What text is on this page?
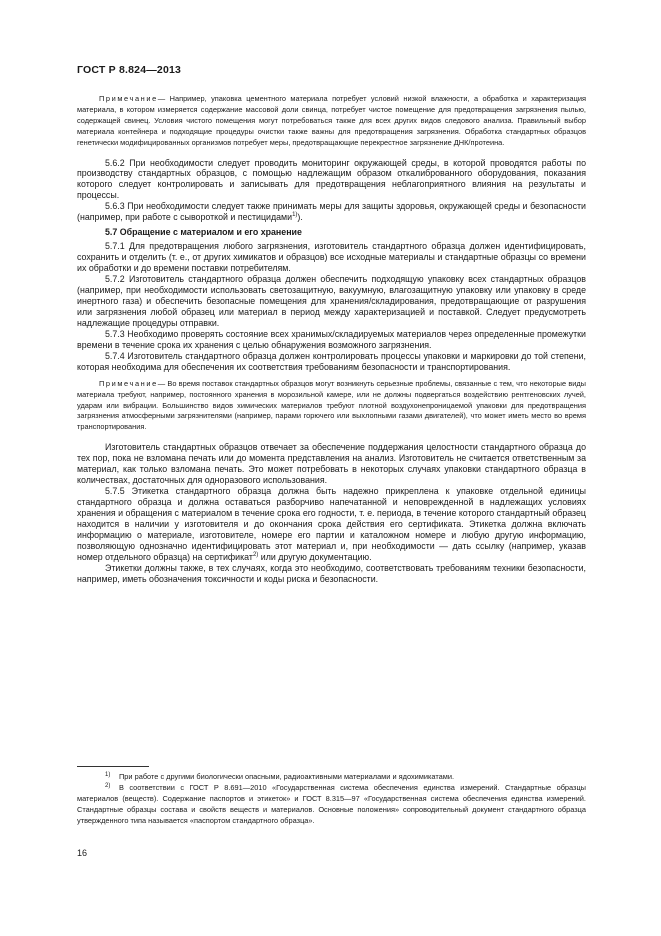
ГОСТ Р 8.824—2013

Примечание— Например, упаковка цементного материала потребует условий низкой влажности, а обработка и характеризация материала, в котором измеряется содержание массовой доли свинца, потребует чистое помещение для предотвращения загрязнения пылью, содержащей свинец. Условия чистого помещения могут потребоваться также для всех других видов следового анализа. Правильный выбор материала контейнера и подходящие процедуры очистки также важны для предотвращения загрязнения. Обработка стандартных образцов генетически модифицированных организмов потребует меры, предотвращающие перекрестное загрязнение ДНК/протеина.

5.6.2 При необходимости следует проводить мониторинг окружающей среды, в которой проводятся работы по производству стандартных образцов, с помощью надлежащим образом откалиброванного оборудования, показания которого следует контролировать и записывать для предотвращения неблагоприятного влияния на результаты и процессы.

5.6.3 При необходимости следует также принимать меры для защиты здоровья, окружающей среды и безопасности (например, при работе с сывороткой и пестицидами$^{1)}$).

5.7 Обращение с материалом и его хранение

5.7.1 Для предотвращения любого загрязнения, изготовитель стандартного образца должен идентифицировать, сохранить и отделить (т. е., от других химикатов и образцов) все исходные материалы и стандартные образцы со времени их обработки и до времени поставки потребителям.

5.7.2 Изготовитель стандартного образца должен обеспечить подходящую упаковку всех стандартных образцов (например, при необходимости использовать светозащитную, вакуумную, влагозащитную упаковку или упаковку в среде инертного газа) и обеспечить безопасные помещения для хранения/складирования, предотвращающие от разрушения или загрязнения любой образец или материал в период между характеризацией и поставкой. Следует предусмотреть надлежащие процедуры отправки.

5.7.3 Необходимо проверять состояние всех хранимых/складируемых материалов через определенные промежутки времени в течение срока их хранения с целью обнаружения возможного загрязнения.

5.7.4 Изготовитель стандартного образца должен контролировать процессы упаковки и маркировки до той степени, которая необходима для обеспечения их соответствия требованиям безопасности и транспортирования.

Примечание— Во время поставок стандартных образцов могут возникнуть серьезные проблемы, связанные с тем, что некоторые виды материала требуют, например, постоянного хранения в морозильной камере, или не должны подвергаться воздействию рентгеновских лучей, ударам или вибрации. Большинство видов химических материалов требуют плотной воздухонепроницаемой упаковки для предотвращения загрязнения атмосферными загрязнителями (например, парами горючего или выхлопными газами двигателей), что может иметь место во время транспортирования.

Изготовитель стандартных образцов отвечает за обеспечение поддержания целостности стандартного образца до тех пор, пока не взломана печать или до момента представления на анализ. Изготовитель не считается ответственным за материал, как только взломана печать. Это может потребовать в некоторых случаях упаковки стандартного образца в количествах, достаточных для одноразового использования.

5.7.5 Этикетка стандартного образца должна быть надежно прикреплена к упаковке отдельной единицы стандартного образца и должна оставаться разборчиво напечатанной и неповрежденной в надлежащих условиях хранения и обращения с материалом в течение срока его годности, т. е. периода, в течение которого стандартный образец находится в наличии у изготовителя и до окончания срока действия его сертификата. Этикетка должна включать информацию о материале, изготовителе, номере его партии и каталожном номере и любую другую информацию, позволяющую однозначно идентифицировать этот материал и, при необходимости — дать ссылку (например, указав номер отдельного образца) на сертификат$^{2)}$ или другую документацию.

Этикетки должны также, в тех случаях, когда это необходимо, соответствовать требованиям техники безопасности, например, иметь обозначения токсичности и коды риска и безопасности.

$^{1)}$ При работе с другими биологически опасными, радиоактивными материалами и ядохимикатами.

$^{2)}$ В соответствии с ГОСТ Р 8.691—2010 «Государственная система обеспечения единства измерений. Стандартные образцы материалов (веществ). Содержание паспортов и этикеток» и ГОСТ 8.315—97 «Государственная система обеспечения единства измерений. Стандартные образцы состава и свойств веществ и материалов. Основные положения» сопроводительный документ стандартного образца утвержденного типа называется «паспортом стандартного образца».

16
